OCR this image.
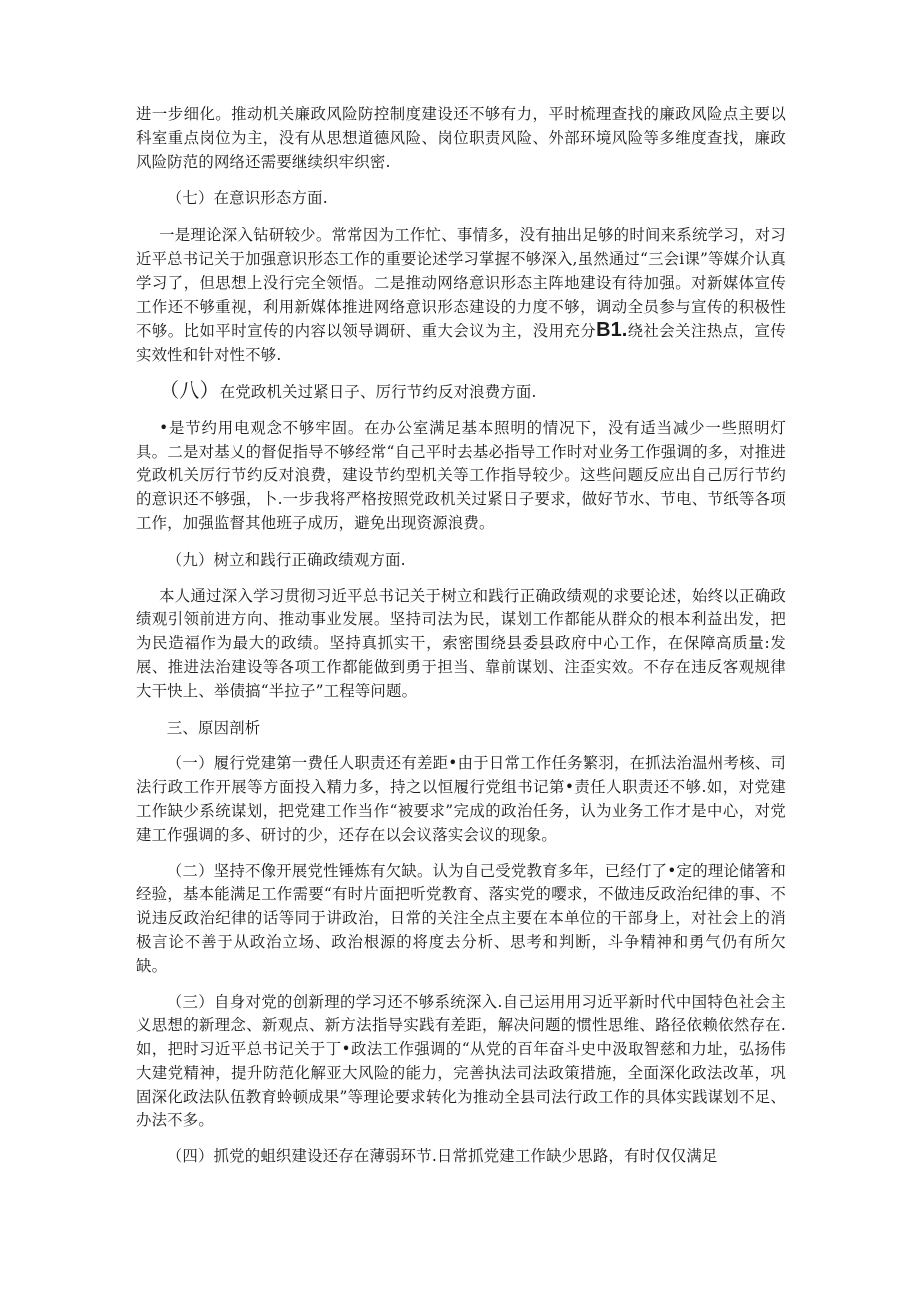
进一步细化。推动机关廉政风险防控制度建设还不够有力，平时梳理查找的廉政风险点主要以科室重点岗位为主，没有从思想道德风险、岗位职责风险、外部环境风险等多维度查找，廉政风险防范的网络还需要继续织牢织密.

（七）在意识形态方面.

一是理论深入钻研较少。常常因为工作忙、事情多，没有抽出足够的时间来系统学习，对习近平总书记关于加强意识形态工作的重要论述学习掌握不够深入,虽然通过“三会i课”等媒介认真学习了，但思想上没行完全领悟。二是推动网络意识形态主阵地建设有待加强。对新媒体宣传工作还不够重视，利用新媒体推进网络意识形态建设的力度不够，调动全员参与宣传的积极性不够。比如平时宣传的内容以领导调研、重大会议为主，没用充分B1.绕社会关注热点，宣传实效性和针对性不够.

（八）在党政机关过紧日子、厉行节约反对浪费方面.

•是节约用电观念不够牢固。在办公室满足基本照明的情况下，没有适当减少一些照明灯具。二是对基乂的督促指导不够经常“自己平时去基必指导工作时对业务工作强调的多，对推进党政机关厉行节约反对浪费，建设节约型机关等工作指导较少。这些问题反应出自己厉行节约的意识还不够强，卜.一步我将严格按照党政机关过紧日子要求，做好节水、节电、节纸等各项工作，加强监督其他班子成历，避免出现资源浪费。

（九）树立和践行正确政绩观方面.

本人通过深入学习贯彻习近平总书记关于树立和践行正确政绩观的求要论述，始终以正确政绩观引领前进方向、推动事业发展。坚持司法为民，谋划工作都能从群众的根本利益出发，把为民造福作为最大的政绩。坚持真抓实干，索密围绕县委县政府中心工作，在保障高质量:发展、推进法治建设等各项工作都能做到勇于担当、靠前谋划、注歪实效。不存在违反客观规律大干快上、举债搞“半拉子”工程等问题。

三、原因剖析

（一）履行党建第一费任人职责还有差距•由于日常工作任务繁羽，在抓法治温州考核、司法行政工作开展等方面投入精力多，持之以恒履行党组书记第•责任人职责还不够.如，对党建工作缺少系统谋划，把党建工作当作“被要求”完成的政治任务，认为业务工作才是中心，对党建工作强调的多、研讨的少，还存在以会议落实会议的现象。

（二）坚持不像开展党性锤炼有欠缺。认为自己受党教育多年，已经仃了•定的理论储箸和经验，基本能满足工作需要“有时片面把听党教育、落实党的嘤求，不做违反政治纪律的事、不说违反政治纪律的话等同于讲政治，日常的关注全点主要在本单位的干部身上，对社会上的消极言论不善于从政治立场、政治根源的将度去分析、思考和判断，斗争精神和勇气仍有所欠缺。

（三）自身对党的创新理的学习还不够系统深入.自己运用用习近平新时代中国特色社会主义思想的新理念、新观点、新方法指导实践有差距，解决问题的惯性思维、路径依赖依然存在.如，把时习近平总书记关于丁•政法工作强调的“从党的百年奋斗史中汲取智慈和力址，弘扬伟大建党精神，提升防范化解亚大风险的能力，完善执法司法政策措施，全面深化政法改革，巩固深化政法队伍教育蛉顿成果”等理论要求转化为推动全县司法行政工作的具体实践谋划不足、办法不多。

（四）抓党的蛆织建设还存在薄弱环节.日常抓党建工作缺少思路，有时仅仅满足
